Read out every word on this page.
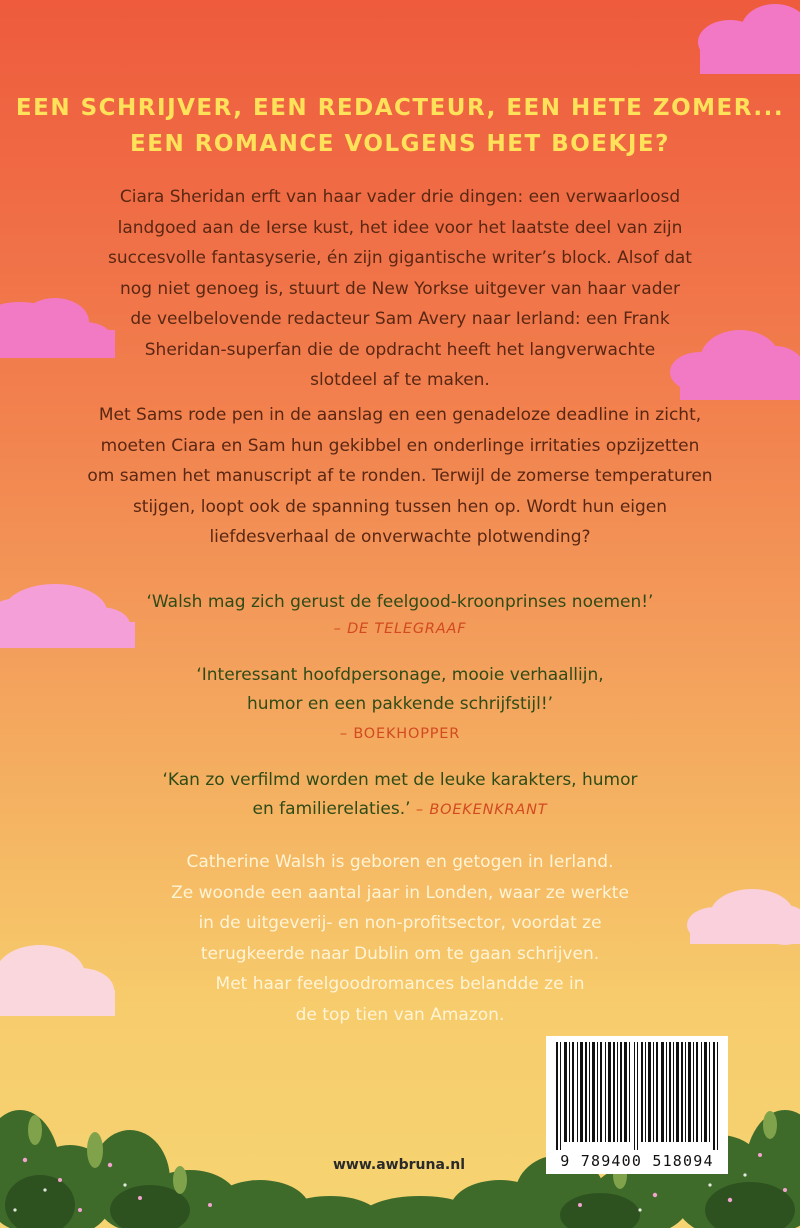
EEN SCHRIJVER, EEN REDACTEUR, EEN HETE ZOMER...
EEN ROMANCE VOLGENS HET BOEKJE?

Ciara Sheridan erft van haar vader drie dingen: een verwaarloosd
landgoed aan de Ierse kust, het idee voor het laatste deel van zijn
succesvolle fantasyserie, én zijn gigantische writer’s block. Alsof dat
nog niet genoeg is, stuurt de New Yorkse uitgever van haar vader
de veelbelovende redacteur Sam Avery naar Ierland: een Frank
Sheridan-superfan die de opdracht heeft het langverwachte
slotdeel af te maken.

Met Sams rode pen in de aanslag en een genadeloze deadline in zicht,
moeten Ciara en Sam hun gekibbel en onderlinge irritaties opzijzetten
om samen het manuscript af te ronden. Terwijl de zomerse temperaturen
stijgen, loopt ook de spanning tussen hen op. Wordt hun eigen
liefdesverhaal de onverwachte plotwending?

‘Walsh mag zich gerust de feelgood-kroonprinses noemen!’

– DE TELEGRAAF

‘Interessant hoofdpersonage, mooie verhaallijn,
humor en een pakkende schrijfstijl!’

– BOEKHOPPER

‘Kan zo verfilmd worden met de leuke karakters, humor
en familierelaties.’ – BOEKENKRANT

Catherine Walsh is geboren en getogen in Ierland.
Ze woonde een aantal jaar in Londen, waar ze werkte
in de uitgeverij- en non-profitsector, voordat ze
terugkeerde naar Dublin om te gaan schrijven.
Met haar feelgoodromances belandde ze in
de top tien van Amazon.

9 789400 518094

www.awbruna.nl
